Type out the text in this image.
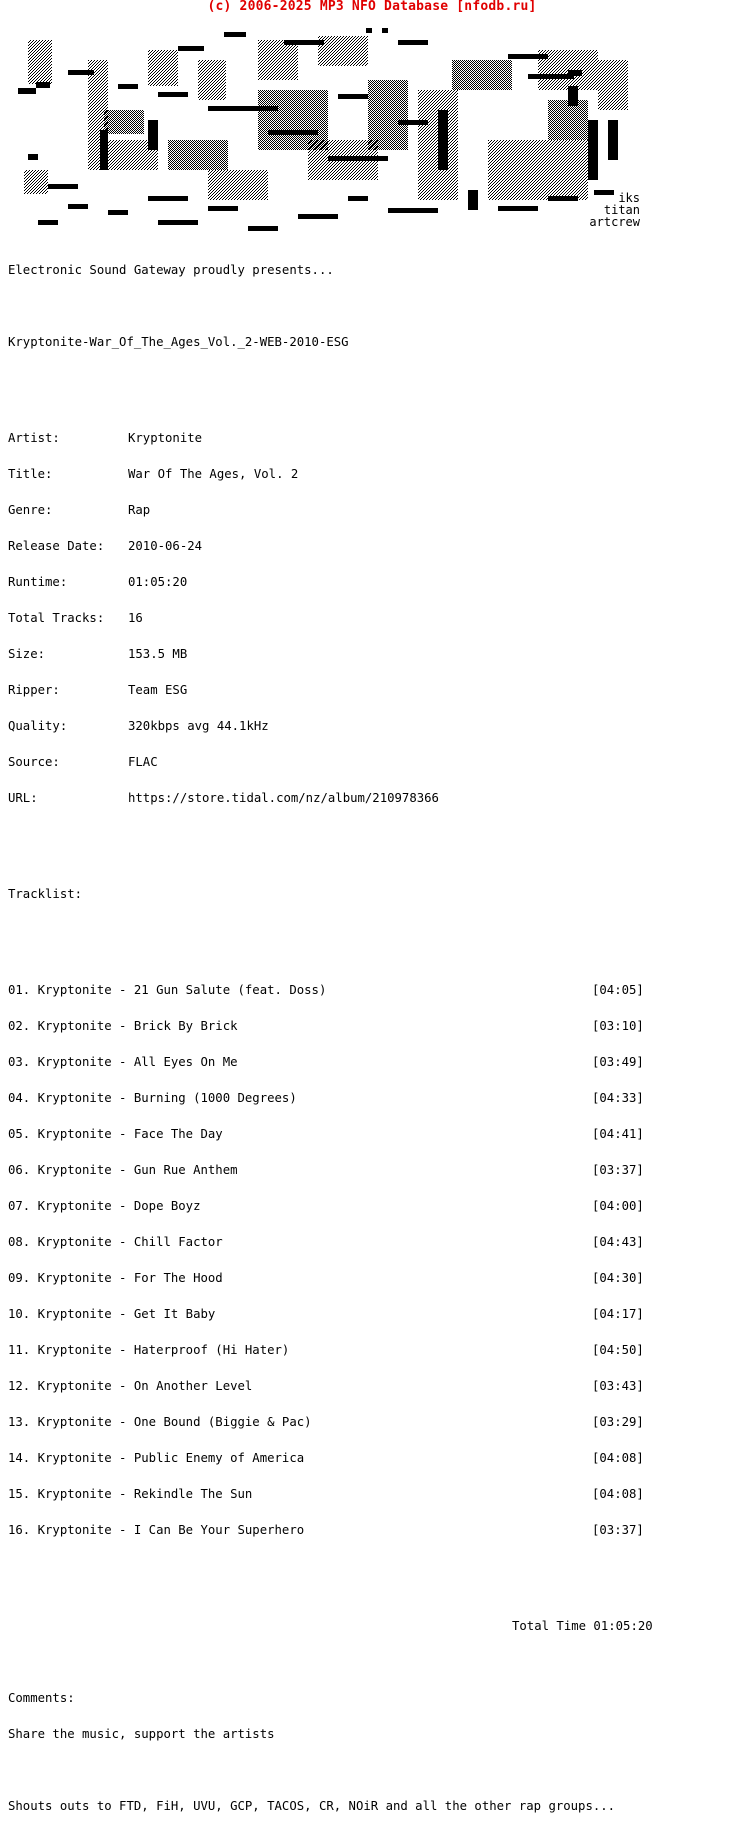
(c) 2006-2025 MP3 NFO Database [nfodb.ru]
iks
titan
artcrew

Electronic Sound Gateway proudly presents...

Kryptonite-War_Of_The_Ages_Vol._2-WEB-2010-ESG

Artist:	Kryptonite

Title:	War Of The Ages, Vol. 2

Genre:	Rap

Release Date:	2010-06-24

Runtime:	01:05:20

Total Tracks:	16

Size:	153.5 MB

Ripper:	Team ESG

Quality:	320kbps avg 44.1kHz

Source:	FLAC

URL:	https://store.tidal.com/nz/album/210978366

Tracklist:

01. Kryptonite - 21 Gun Salute (feat. Doss)	[04:05]

02. Kryptonite - Brick By Brick	[03:10]

03. Kryptonite - All Eyes On Me	[03:49]

04. Kryptonite - Burning (1000 Degrees)	[04:33]

05. Kryptonite - Face The Day	[04:41]

06. Kryptonite - Gun Rue Anthem	[03:37]

07. Kryptonite - Dope Boyz	[04:00]

08. Kryptonite - Chill Factor	[04:43]

09. Kryptonite - For The Hood	[04:30]

10. Kryptonite - Get It Baby	[04:17]

11. Kryptonite - Haterproof (Hi Hater)	[04:50]

12. Kryptonite - On Another Level	[03:43]

13. Kryptonite - One Bound (Biggie & Pac)	[03:29]

14. Kryptonite - Public Enemy of America	[04:08]

15. Kryptonite - Rekindle The Sun	[04:08]

16. Kryptonite - I Can Be Your Superhero	[03:37]

Total Time 01:05:20

Comments:

Share the music, support the artists

Shouts outs to FTD, FiH, UVU, GCP, TACOS, CR, NOiR and all the other rap groups...
